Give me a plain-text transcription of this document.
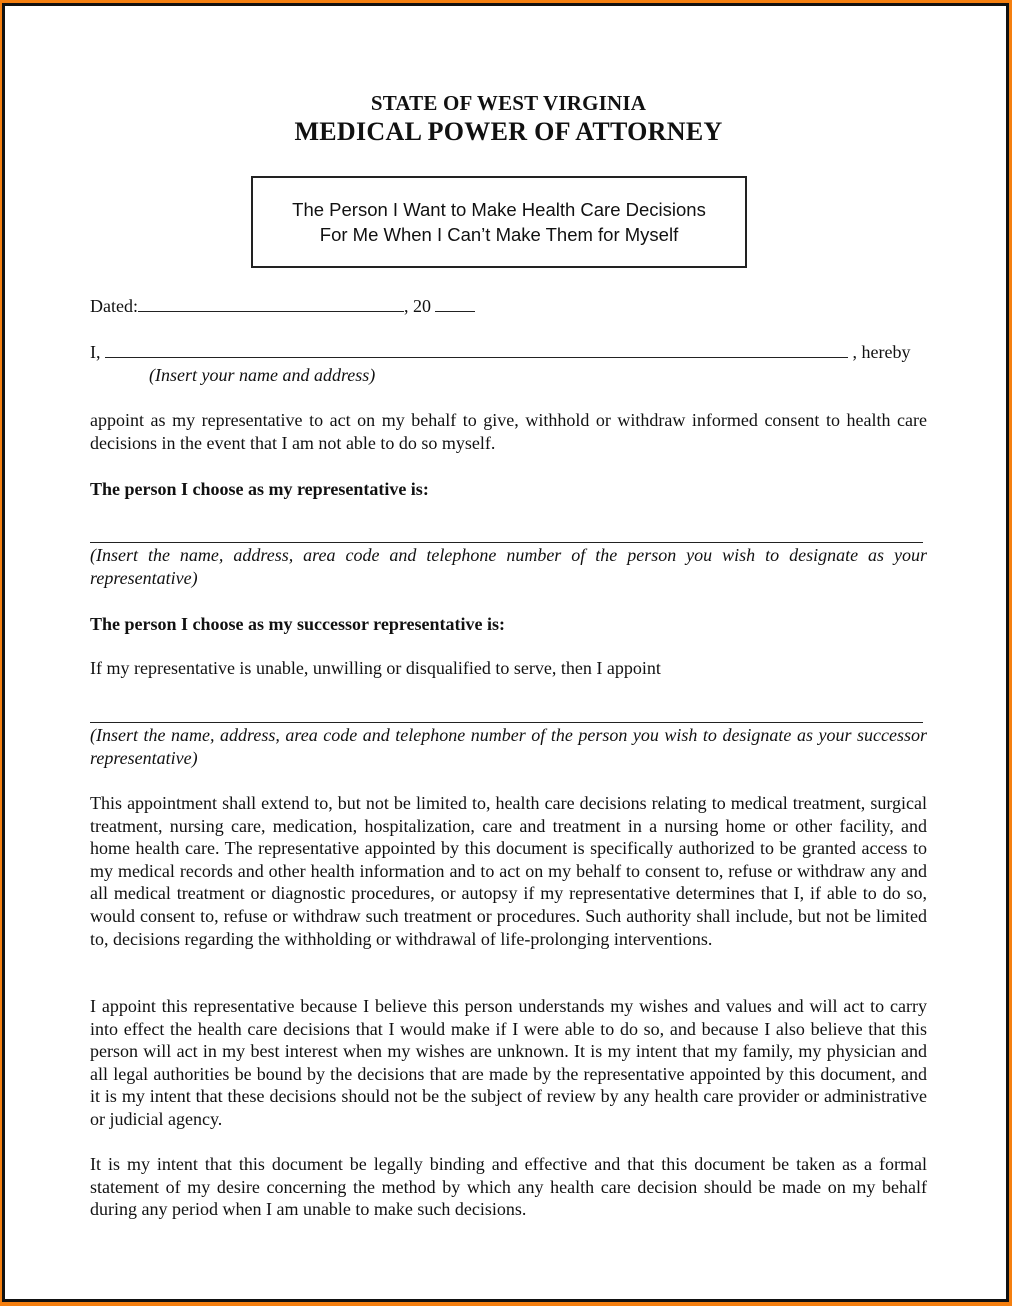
STATE OF WEST VIRGINIA
MEDICAL POWER OF ATTORNEY
The Person I Want to Make Health Care Decisions
For Me When I Can’t Make Them for Myself
Dated:	, 20
I,	, hereby
(Insert your name and address)
appoint as my representative to act on my behalf to give, withhold or withdraw informed consent to health care decisions in the event that I am not able to do so myself.
The person I choose as my representative is:
(Insert the name, address, area code and telephone number of the person you wish to designate as your representative)
The person I choose as my successor representative is:
If my representative is unable, unwilling or disqualified to serve, then I appoint
(Insert the name, address, area code and telephone number of the person you wish to designate as your successor representative)
This appointment shall extend to, but not be limited to, health care decisions relating to medical treatment, surgical treatment, nursing care, medication, hospitalization, care and treatment in a nursing home or other facility, and home health care. The representative appointed by this document is specifically authorized to be granted access to my medical records and other health information and to act on my behalf to consent to, refuse or withdraw any and all medical treatment or diagnostic procedures, or autopsy if my representative determines that I, if able to do so, would consent to, refuse or withdraw such treatment or procedures. Such authority shall include, but not be limited to, decisions regarding the withholding or withdrawal of life-prolonging interventions.
I appoint this representative because I believe this person understands my wishes and values and will act to carry into effect the health care decisions that I would make if I were able to do so, and because I also believe that this person will act in my best interest when my wishes are unknown. It is my intent that my family, my physician and all legal authorities be bound by the decisions that are made by the representative appointed by this document, and it is my intent that these decisions should not be the subject of review by any health care provider or administrative or judicial agency.
It is my intent that this document be legally binding and effective and that this document be taken as a formal statement of my desire concerning the method by which any health care decision should be made on my behalf during any period when I am unable to make such decisions.
